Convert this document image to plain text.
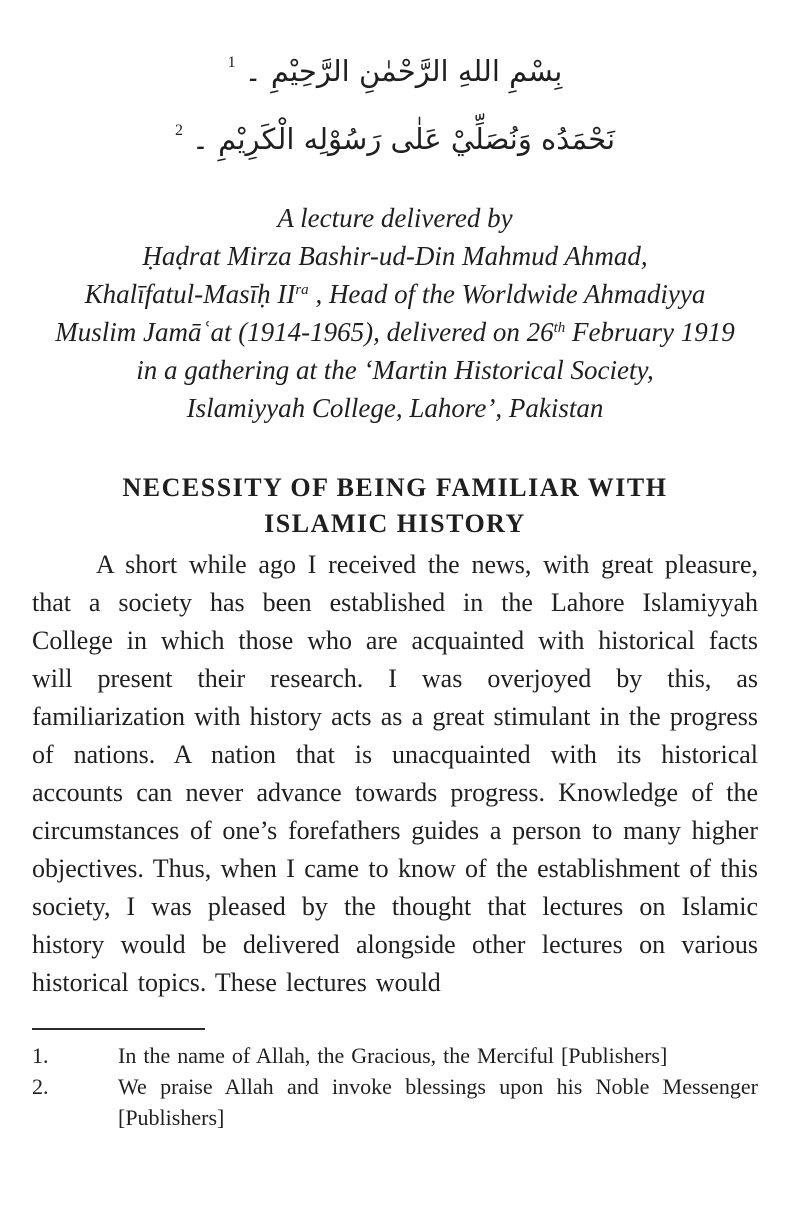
بِسْمِ اللهِ الرَّحْمٰنِ الرَّحِيْمِ ۔$^1$
نَحْمَدُه وَنُصَلِّيْ عَلٰى رَسُوْلِه الْكَرِيْمِ ۔$^2$
A lecture delivered by
Ḥaḍrat Mirza Bashir-ud-Din Mahmud Ahmad,
Khalīfatul-Masīḥ $II^{ra}$ , Head of the Worldwide Ahmadiyya
Muslim Jamāʿat (1914-1965), delivered on 26th February 1919
in a gathering at the ‘Martin Historical Society,
Islamiyyah College, Lahore’, Pakistan
NECESSITY OF BEING FAMILIAR WITH
ISLAMIC HISTORY
A short while ago I received the news, with great pleasure, that a society has been established in the Lahore Islamiyyah College in which those who are acquainted with historical facts will present their research. I was overjoyed by this, as familiarization with history acts as a great stimulant in the progress of nations. A nation that is unacquainted with its historical accounts can never advance towards progress. Knowledge of the circumstances of one’s forefathers guides a person to many higher objectives. Thus, when I came to know of the establishment of this society, I was pleased by the thought that lectures on Islamic history would be delivered alongside other lectures on various historical topics. These lectures would
1.	In the name of Allah, the Gracious, the Merciful [Publishers]
2.	We praise Allah and invoke blessings upon his Noble Messenger [Publishers]
